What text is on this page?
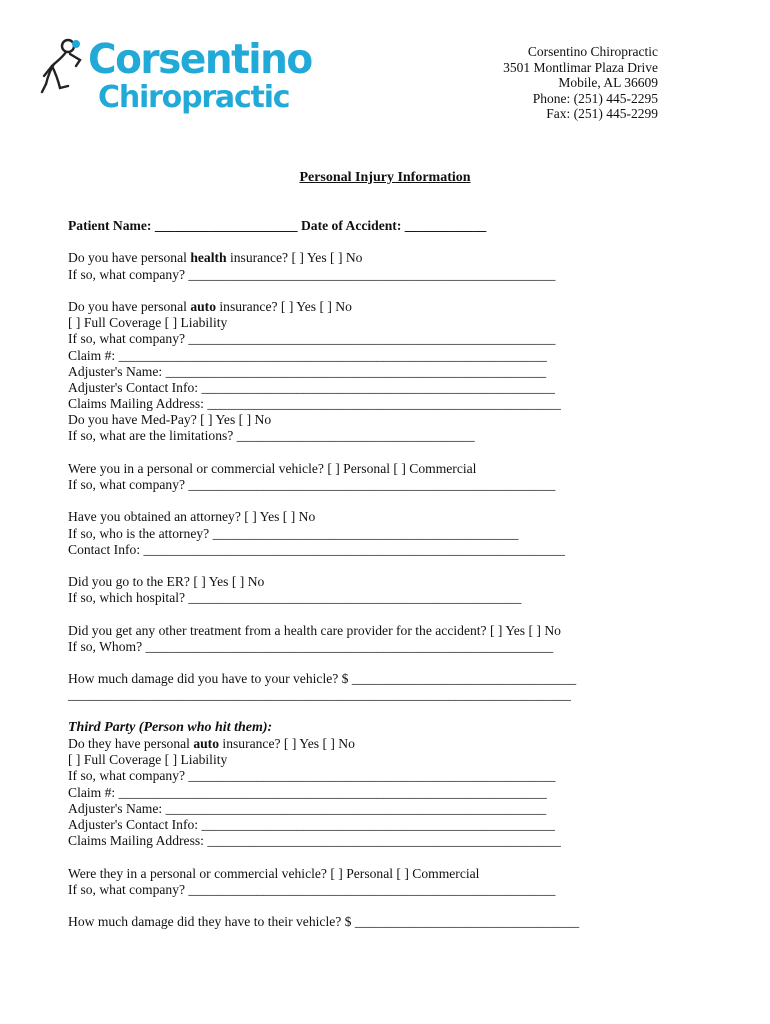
Corsentino
Chiropractic
Corsentino Chiropractic
3501 Montlimar Plaza Drive
Mobile, AL 36609
Phone: (251) 445-2295
Fax: (251) 445-2299
Personal Injury Information
Patient Name: _____________________ Date of Accident: ____________
Do you have personal health insurance? [ ] Yes [ ] No
If so, what company? ______________________________________________________
Do you have personal auto insurance? [ ] Yes [ ] No
[ ] Full Coverage [ ] Liability
If so, what company? ______________________________________________________
Claim #: _______________________________________________________________
Adjuster's Name: ________________________________________________________
Adjuster's Contact Info: ____________________________________________________
Claims Mailing Address: ____________________________________________________
Do you have Med-Pay? [ ] Yes [ ] No
If so, what are the limitations? ___________________________________
Were you in a personal or commercial vehicle? [ ] Personal [ ] Commercial
If so, what company? ______________________________________________________
Have you obtained an attorney? [ ] Yes [ ] No
If so, who is the attorney? _____________________________________________
Contact Info: ______________________________________________________________
Did you go to the ER? [ ] Yes [ ] No
If so, which hospital? _________________________________________________
Did you get any other treatment from a health care provider for the accident? [ ] Yes [ ] No
If so, Whom? ____________________________________________________________
How much damage did you have to your vehicle? $ _________________________________
__________________________________________________________________________
Third Party (Person who hit them):
Do they have personal auto insurance? [ ] Yes [ ] No
[ ] Full Coverage [ ] Liability
If so, what company? ______________________________________________________
Claim #: _______________________________________________________________
Adjuster's Name: ________________________________________________________
Adjuster's Contact Info: ____________________________________________________
Claims Mailing Address: ____________________________________________________
Were they in a personal or commercial vehicle? [ ] Personal [ ] Commercial
If so, what company? ______________________________________________________
How much damage did they have to their vehicle? $ _________________________________
